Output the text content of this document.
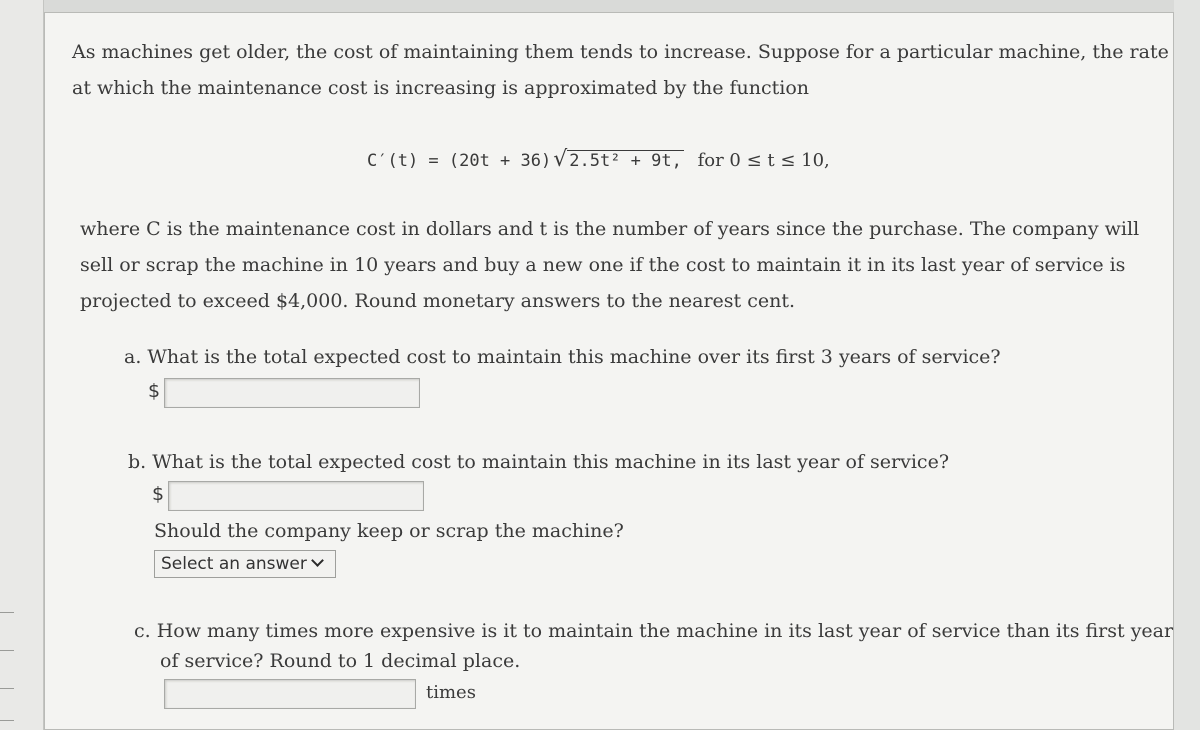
As machines get older, the cost of maintaining them tends to increase. Suppose for a particular machine, the rate
at which the maintenance cost is increasing is approximated by the function
C′(t) = (20t + 36)√ 2.5t² + 9t, for 0 ≤ t ≤ 10,
where C is the maintenance cost in dollars and t is the number of years since the purchase. The company will
sell or scrap the machine in 10 years and buy a new one if the cost to maintain it in its last year of service is
projected to exceed $4,000. Round monetary answers to the nearest cent.
a. What is the total expected cost to maintain this machine over its first 3 years of service?
$
b. What is the total expected cost to maintain this machine in its last year of service?
$
Should the company keep or scrap the machine?
Select an answer
c. How many times more expensive is it to maintain the machine in its last year of service than its first year
of service? Round to 1 decimal place.
times
